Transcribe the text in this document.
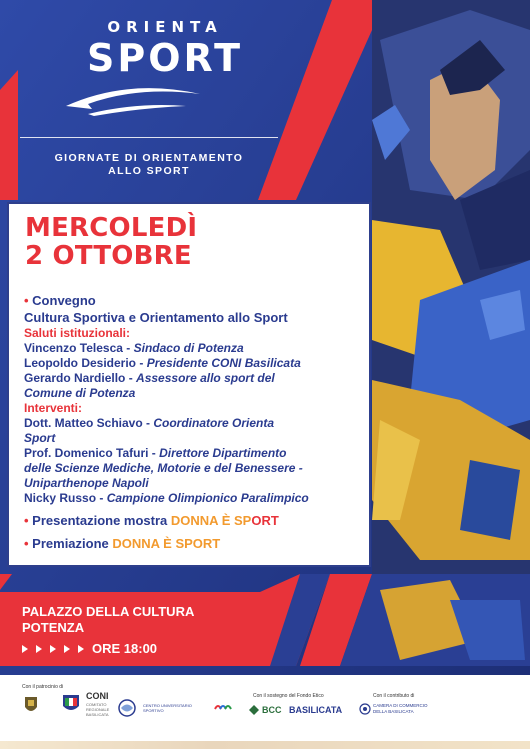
ORIENTA
SPORT
GIORNATE DI ORIENTAMENTO
ALLO SPORT
MERCOLEDÌ
2 OTTOBRE
• Convegno
Cultura Sportiva e Orientamento allo Sport
Saluti istituzionali:
Vincenzo Telesca - Sindaco di Potenza
Leopoldo Desiderio - Presidente CONI Basilicata
Gerardo Nardiello - Assessore allo sport del
Comune di Potenza
Interventi:
Dott. Matteo Schiavo - Coordinatore Orienta
Sport
Prof. Domenico Tafuri - Direttore Dipartimento
delle Scienze Mediche, Motorie e del Benessere -
Uniparthenope Napoli
Nicky Russo - Campione Olimpionico Paralimpico
• Presentazione mostra DONNA È SPORT
• Premiazione DONNA È SPORT
PALAZZO DELLA CULTURA
POTENZA
ORE 18:00
Con il patrocinio di
CONI
COMITATO REGIONALE BASILICATA
CENTRO UNIVERSITARIO SPORTIVO
Con il sostegno del Fondo Etico
BCC BASILICATA
Con il contributo di
CAMERA DI COMMERCIO
DELLA BASILICATA
